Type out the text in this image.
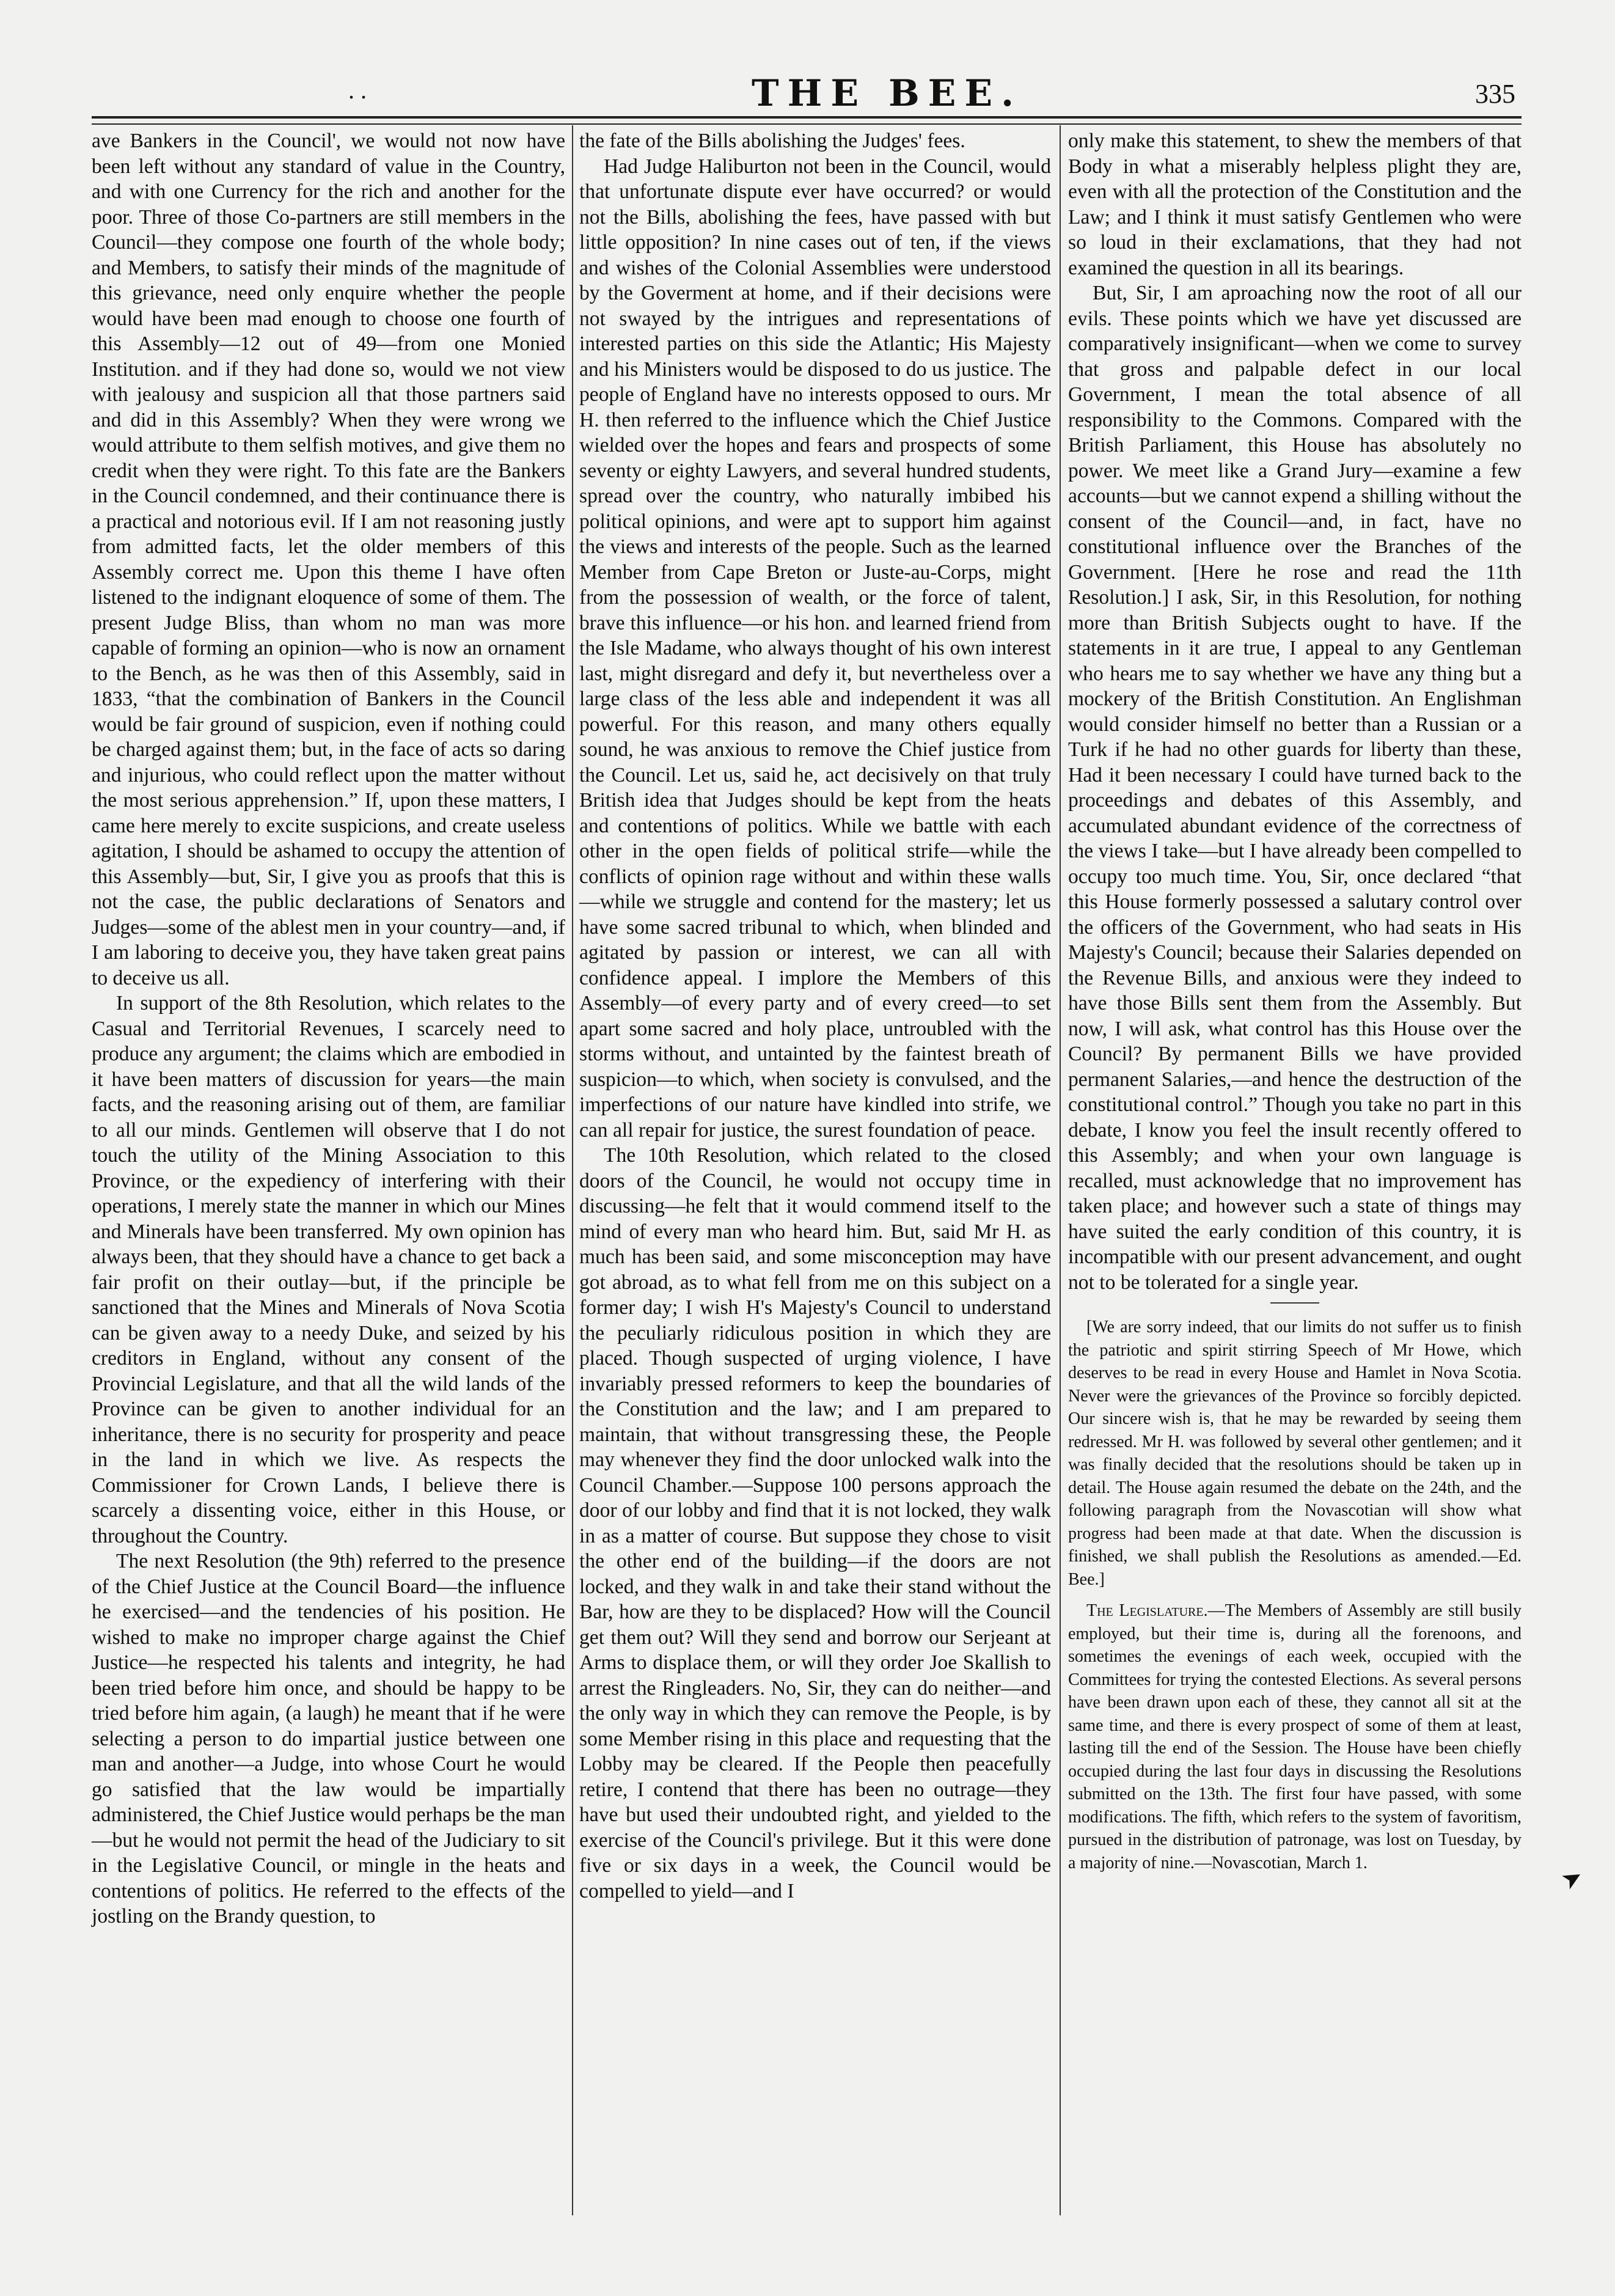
. .	THE BEE.	335

ave Bankers in the Council', we would not now have been left without any standard of value in the Country, and with one Currency for the rich and another for the poor. Three of those Co-partners are still members in the Council—they compose one fourth of the whole body; and Members, to satisfy their minds of the magnitude of this grievance, need only enquire whether the people would have been mad enough to choose one fourth of this Assembly—12 out of 49—from one Monied Institution. and if they had done so, would we not view with jealousy and suspicion all that those partners said and did in this Assembly? When they were wrong we would attribute to them selfish motives, and give them no credit when they were right. To this fate are the Bankers in the Council condemned, and their continuance there is a practical and notorious evil. If I am not reasoning justly from admitted facts, let the older members of this Assembly correct me. Upon this theme I have often listened to the indignant eloquence of some of them. The present Judge Bliss, than whom no man was more capable of forming an opinion—who is now an ornament to the Bench, as he was then of this Assembly, said in 1833, “that the combination of Bankers in the Council would be fair ground of suspicion, even if nothing could be charged against them; but, in the face of acts so daring and injurious, who could reflect upon the matter without the most serious apprehension.” If, upon these matters, I came here merely to excite suspicions, and create useless agitation, I should be ashamed to occupy the attention of this Assembly—but, Sir, I give you as proofs that this is not the case, the public declarations of Senators and Judges—some of the ablest men in your country—and, if I am laboring to deceive you, they have taken great pains to deceive us all.

In support of the 8th Resolution, which relates to the Casual and Territorial Revenues, I scarcely need to produce any argument; the claims which are embodied in it have been matters of discussion for years—the main facts, and the reasoning arising out of them, are familiar to all our minds. Gentlemen will observe that I do not touch the utility of the Mining Association to this Province, or the expediency of interfering with their operations, I merely state the manner in which our Mines and Minerals have been transferred. My own opinion has always been, that they should have a chance to get back a fair profit on their outlay—but, if the principle be sanctioned that the Mines and Minerals of Nova Scotia can be given away to a needy Duke, and seized by his creditors in England, without any consent of the Provincial Legislature, and that all the wild lands of the Province can be given to another individual for an inheritance, there is no security for prosperity and peace in the land in which we live. As respects the Commissioner for Crown Lands, I believe there is scarcely a dissenting voice, either in this House, or throughout the Country.

The next Resolution (the 9th) referred to the presence of the Chief Justice at the Council Board—the influence he exercised—and the tendencies of his position. He wished to make no improper charge against the Chief Justice—he respected his talents and integrity, he had been tried before him once, and should be happy to be tried before him again, (a laugh) he meant that if he were selecting a person to do impartial justice between one man and another—a Judge, into whose Court he would go satisfied that the law would be impartially administered, the Chief Justice would perhaps be the man—but he would not permit the head of the Judiciary to sit in the Legislative Council, or mingle in the heats and contentions of politics. He referred to the effects of the jostling on the Brandy question, to

the fate of the Bills abolishing the Judges' fees.

Had Judge Haliburton not been in the Council, would that unfortunate dispute ever have occurred? or would not the Bills, abolishing the fees, have passed with but little opposition? In nine cases out of ten, if the views and wishes of the Colonial Assemblies were understood by the Goverment at home, and if their decisions were not swayed by the intrigues and representations of interested parties on this side the Atlantic; His Majesty and his Ministers would be disposed to do us justice. The people of England have no interests opposed to ours. Mr H. then referred to the influence which the Chief Justice wielded over the hopes and fears and prospects of some seventy or eighty Lawyers, and several hundred students, spread over the country, who naturally imbibed his political opinions, and were apt to support him against the views and interests of the people. Such as the learned Member from Cape Breton or Juste-au-Corps, might from the possession of wealth, or the force of talent, brave this influence—or his hon. and learned friend from the Isle Madame, who always thought of his own interest last, might disregard and defy it, but nevertheless over a large class of the less able and independent it was all powerful. For this reason, and many others equally sound, he was anxious to remove the Chief justice from the Council. Let us, said he, act decisively on that truly British idea that Judges should be kept from the heats and contentions of politics. While we battle with each other in the open fields of political strife—while the conflicts of opinion rage without and within these walls—while we struggle and contend for the mastery; let us have some sacred tribunal to which, when blinded and agitated by passion or interest, we can all with confidence appeal. I implore the Members of this Assembly—of every party and of every creed—to set apart some sacred and holy place, untroubled with the storms without, and untainted by the faintest breath of suspicion—to which, when society is convulsed, and the imperfections of our nature have kindled into strife, we can all repair for justice, the surest foundation of peace.

The 10th Resolution, which related to the closed doors of the Council, he would not occupy time in discussing—he felt that it would commend itself to the mind of every man who heard him. But, said Mr H. as much has been said, and some misconception may have got abroad, as to what fell from me on this subject on a former day; I wish H's Majesty's Council to understand the peculiarly ridiculous position in which they are placed. Though suspected of urging violence, I have invariably pressed reformers to keep the boundaries of the Constitution and the law; and I am prepared to maintain, that without transgressing these, the People may whenever they find the door unlocked walk into the Council Chamber.—Suppose 100 persons approach the door of our lobby and find that it is not locked, they walk in as a matter of course. But suppose they chose to visit the other end of the building—if the doors are not locked, and they walk in and take their stand without the Bar, how are they to be displaced? How will the Council get them out? Will they send and borrow our Serjeant at Arms to displace them, or will they order Joe Skallish to arrest the Ringleaders. No, Sir, they can do neither—and the only way in which they can remove the People, is by some Member rising in this place and requesting that the Lobby may be cleared. If the People then peacefully retire, I contend that there has been no outrage—they have but used their undoubted right, and yielded to the exercise of the Council's privilege. But it this were done five or six days in a week, the Council would be compelled to yield—and I

only make this statement, to shew the members of that Body in what a miserably helpless plight they are, even with all the protection of the Constitution and the Law; and I think it must satisfy Gentlemen who were so loud in their exclamations, that they had not examined the question in all its bearings.

But, Sir, I am aproaching now the root of all our evils. These points which we have yet discussed are comparatively insignificant—when we come to survey that gross and palpable defect in our local Government, I mean the total absence of all responsibility to the Commons. Compared with the British Parliament, this House has absolutely no power. We meet like a Grand Jury—examine a few accounts—but we cannot expend a shilling without the consent of the Council—and, in fact, have no constitutional influence over the Branches of the Government. [Here he rose and read the 11th Resolution.] I ask, Sir, in this Resolution, for nothing more than British Subjects ought to have. If the statements in it are true, I appeal to any Gentleman who hears me to say whether we have any thing but a mockery of the British Constitution. An Englishman would consider himself no better than a Russian or a Turk if he had no other guards for liberty than these, Had it been necessary I could have turned back to the proceedings and debates of this Assembly, and accumulated abundant evidence of the correctness of the views I take—but I have already been compelled to occupy too much time. You, Sir, once declared “that this House formerly possessed a salutary control over the officers of the Government, who had seats in His Majesty's Council; because their Salaries depended on the Revenue Bills, and anxious were they indeed to have those Bills sent them from the Assembly. But now, I will ask, what control has this House over the Council? By permanent Bills we have provided permanent Salaries,—and hence the destruction of the constitutional control.” Though you take no part in this debate, I know you feel the insult recently offered to this Assembly; and when your own language is recalled, must acknowledge that no improvement has taken place; and however such a state of things may have suited the early condition of this country, it is incompatible with our present advancement, and ought not to be tolerated for a single year.

[We are sorry indeed, that our limits do not suffer us to finish the patriotic and spirit stirring Speech of Mr Howe, which deserves to be read in every House and Hamlet in Nova Scotia. Never were the grievances of the Province so forcibly depicted. Our sincere wish is, that he may be rewarded by seeing them redressed. Mr H. was followed by several other gentlemen; and it was finally decided that the resolutions should be taken up in detail. The House again resumed the debate on the 24th, and the following paragraph from the Novascotian will show what progress had been made at that date. When the discussion is finished, we shall publish the Resolutions as amended.—Ed. Bee.]

The Legislature.—The Members of Assembly are still busily employed, but their time is, during all the forenoons, and sometimes the evenings of each week, occupied with the Committees for trying the contested Elections. As several persons have been drawn upon each of these, they cannot all sit at the same time, and there is every prospect of some of them at least, lasting till the end of the Session. The House have been chiefly occupied during the last four days in discussing the Resolutions submitted on the 13th. The first four have passed, with some modifications. The fifth, which refers to the system of favoritism, pursued in the distribution of patronage, was lost on Tuesday, by a majority of nine.—Novascotian, March 1.	➤
